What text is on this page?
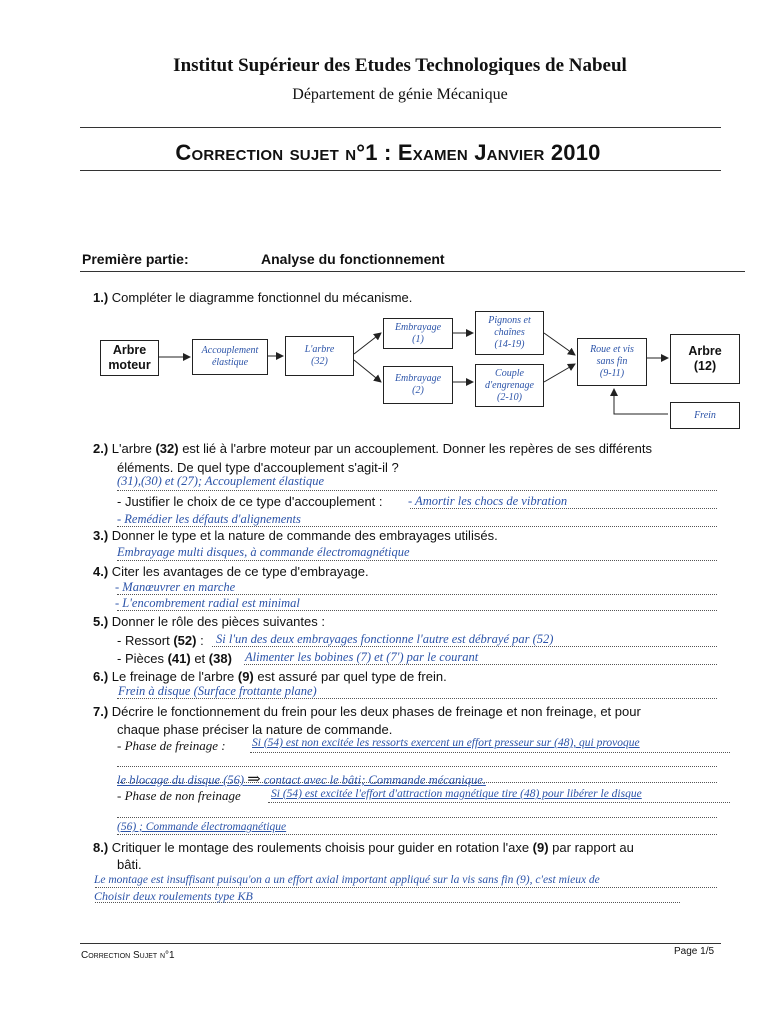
Institut Supérieur des Etudes Technologiques de Nabeul
Département de génie Mécanique
Correction sujet n°1 : Examen Janvier 2010
Première partie:	Analyse du fonctionnement
1.) Compléter le diagramme fonctionnel du mécanisme.
Arbre
moteur
Accouplement
élastique
L'arbre
(32)
Embrayage
(1)
Embrayage
(2)
Pignons et
chaînes
(14-19)
Couple
d'engrenage
(2-10)
Roue et vis
sans fin
(9-11)
Arbre
(12)
Frein
2.) L'arbre (32) est lié à l'arbre moteur par un accouplement. Donner les repères de ses différents
éléments. De quel type d'accouplement s'agit-il ?
(31),(30) et (27); Accouplement élastique
- Justifier le choix de ce type d'accouplement : - Amortir les chocs de vibration
- Remédier les défauts d'alignements
3.) Donner le type et la nature de commande des embrayages utilisés.
Embrayage multi disques, à commande électromagnétique
4.) Citer les avantages de ce type d'embrayage.
- Manœuvrer en marche
- L'encombrement radial est minimal
5.) Donner le rôle des pièces suivantes :
- Ressort (52) : Si l'un des deux embrayages fonctionne l'autre est débrayé par (52)
- Pièces (41) et (38) Alimenter les bobines (7) et (7') par le courant
6.) Le freinage de l'arbre (9) est assuré par quel type de frein.
Frein à disque (Surface frottante plane)
7.) Décrire le fonctionnement du frein pour les deux phases de freinage et non freinage, et pour
chaque phase préciser la nature de commande.
- Phase de freinage : Si (54) est non excitée les ressorts exercent un effort presseur sur (48), qui provoque
le blocage du disque (56) ⇒ contact avec le bâti; Commande mécanique.
- Phase de non freinage	Si (54) est excitée l'effort d'attraction magnétique tire (48) pour libérer le disque
(56) ; Commande électromagnétique
8.) Critiquer le montage des roulements choisis pour guider en rotation l'axe (9) par rapport au
bâti.
Le montage est insuffisant puisqu'on a un effort axial important appliqué sur la vis sans fin (9), c'est mieux de
Choisir deux roulements type KB
Correction Sujet n°1	Page 1/5
